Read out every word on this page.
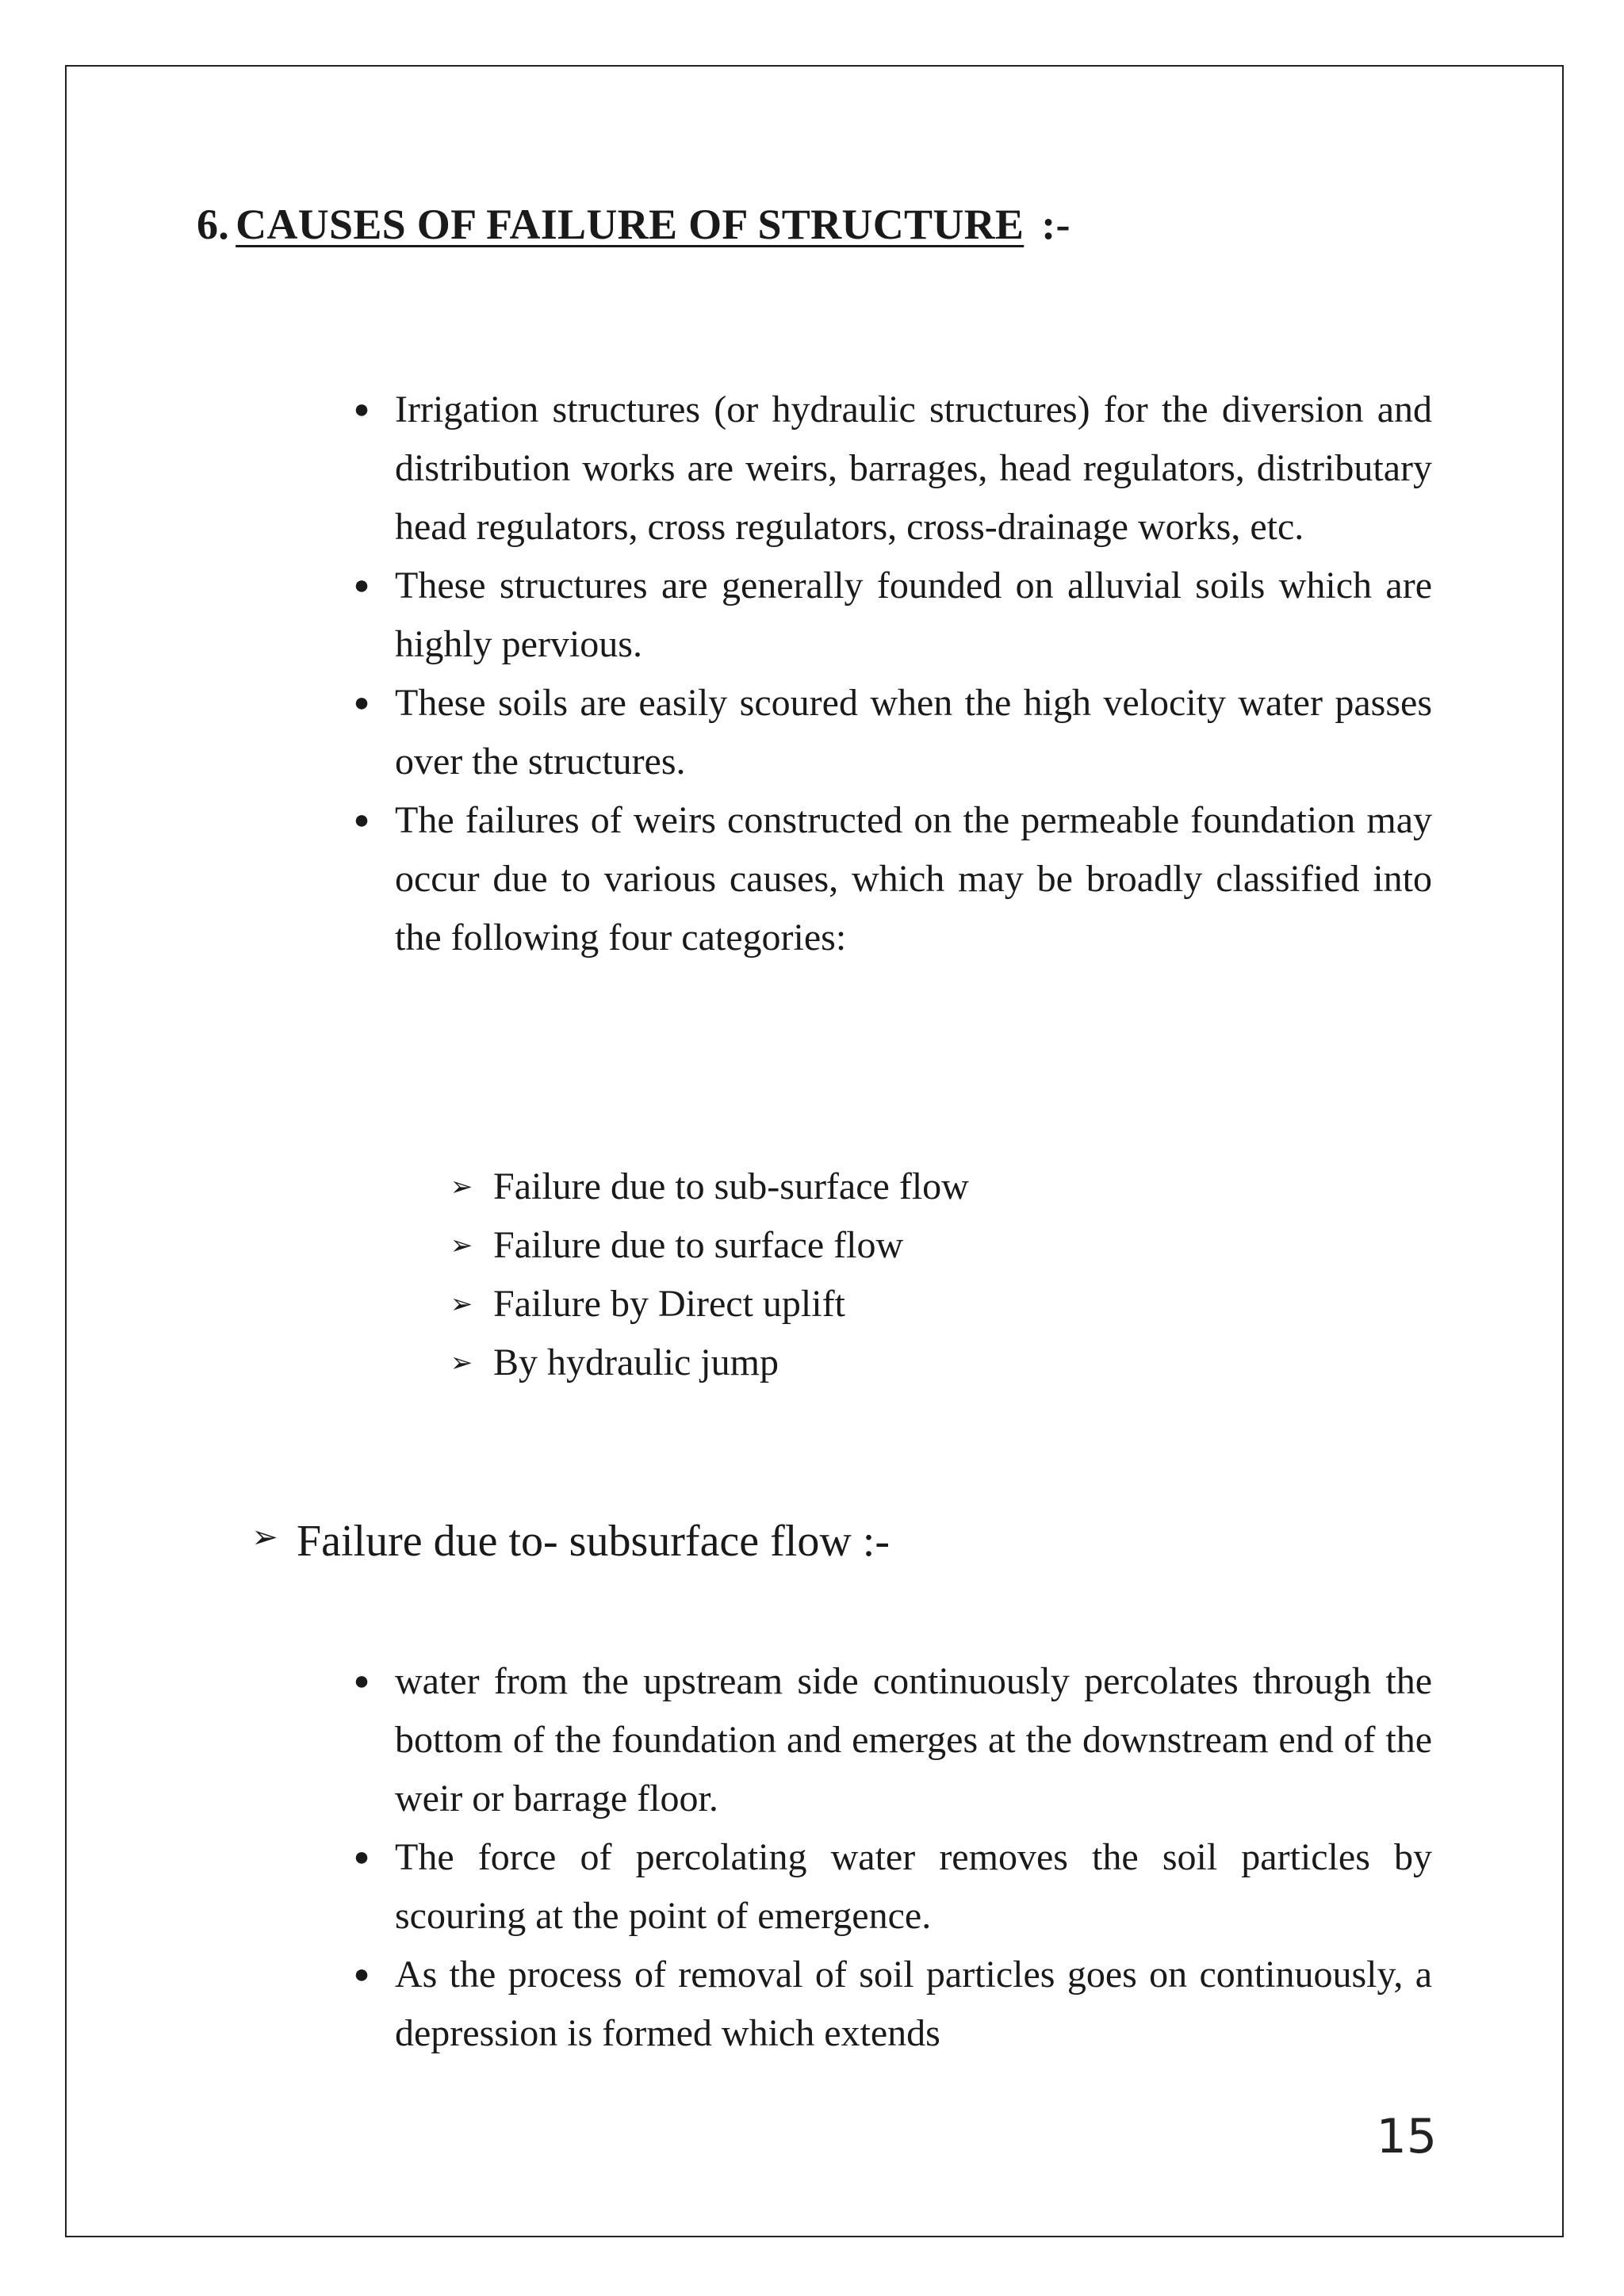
6. CAUSES OF FAILURE OF STRUCTURE :-
● Irrigation structures (or hydraulic structures) for the diversion and distribution works are weirs, barrages, head regulators, distributary head regulators, cross regulators, cross-drainage works, etc.
● These structures are generally founded on alluvial soils which are highly pervious.
● These soils are easily scoured when the high velocity water passes over the structures.
● The failures of weirs constructed on the permeable foundation may occur due to various causes, which may be broadly classified into the following four categories:
➢ Failure due to sub-surface flow
➢ Failure due to surface flow
➢ Failure by Direct uplift
➢ By hydraulic jump
➢ Failure due to- subsurface flow :-
● water from the upstream side continuously percolates through the bottom of the foundation and emerges at the downstream end of the weir or barrage floor.
● The force of percolating water removes the soil particles by scouring at the point of emergence.
● As the process of removal of soil particles goes on continuously, a depression is formed which extends
15
